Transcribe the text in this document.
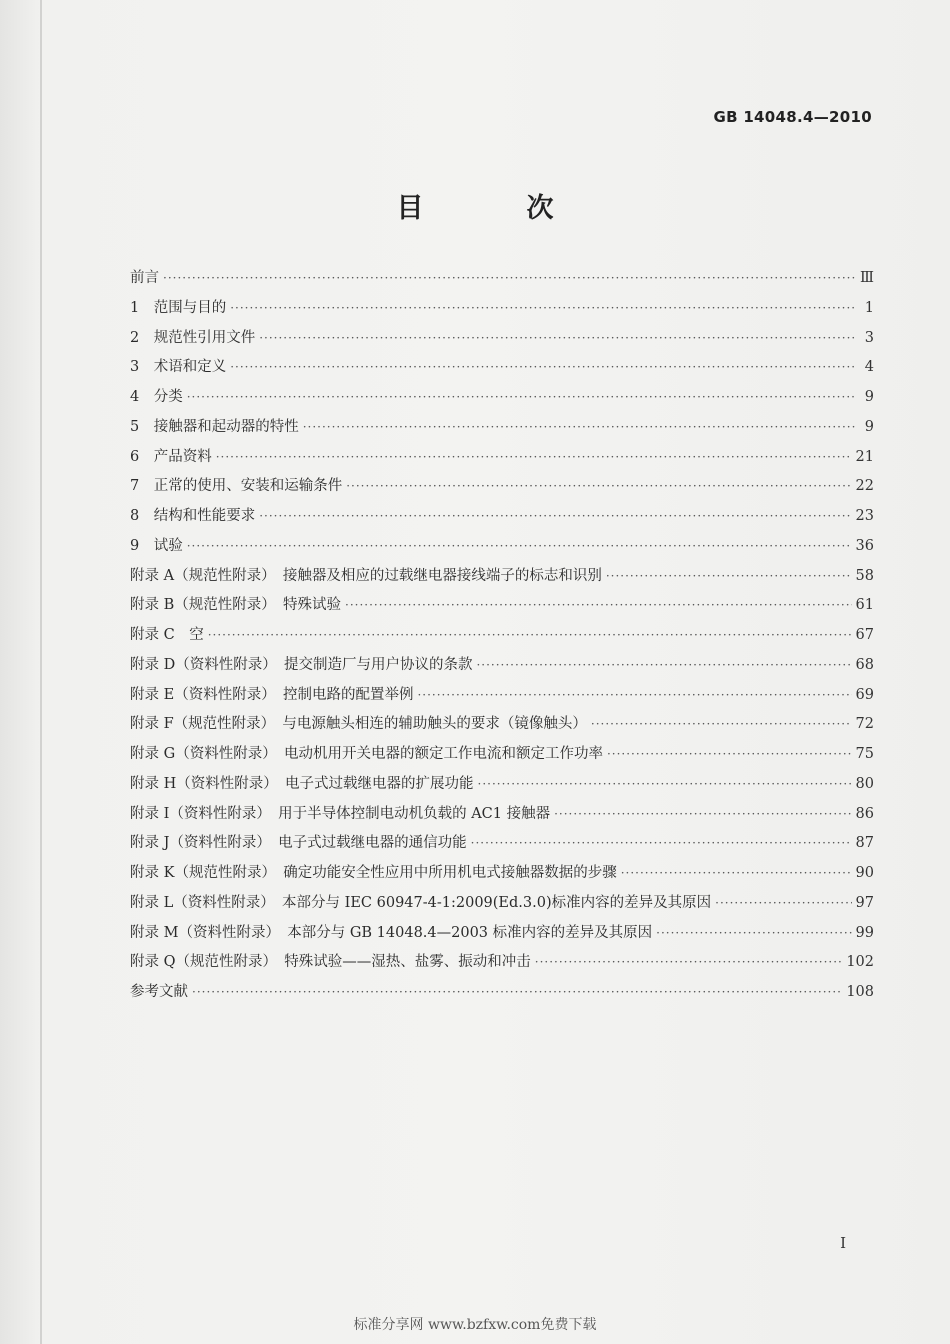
GB 14048.4—2010
目　次
前言 ·····	Ⅲ
1　范围与目的 ·····	1
2　规范性引用文件 ·····	3
3　术语和定义 ·····	4
4　分类 ·····	9
5　接触器和起动器的特性 ·····	9
6　产品资料 ·····	21
7　正常的使用、安装和运输条件 ·····	22
8　结构和性能要求 ·····	23
9　试验 ·····	36
附录 A（规范性附录）　接触器及相应的过载继电器接线端子的标志和识别 ·····	58
附录 B（规范性附录）　特殊试验 ·····	61
附录 C　空 ·····	67
附录 D（资料性附录）　提交制造厂与用户协议的条款 ·····	68
附录 E（资料性附录）　控制电路的配置举例 ·····	69
附录 F（规范性附录）　与电源触头相连的辅助触头的要求（镜像触头） ·····	72
附录 G（资料性附录）　电动机用开关电器的额定工作电流和额定工作功率 ·····	75
附录 H（资料性附录）　电子式过载继电器的扩展功能 ·····	80
附录 I（资料性附录）　用于半导体控制电动机负载的 AC1 接触器 ·····	86
附录 J（资料性附录）　电子式过载继电器的通信功能 ·····	87
附录 K（规范性附录）　确定功能安全性应用中所用机电式接触器数据的步骤 ·····	90
附录 L（资料性附录）　本部分与 IEC 60947-4-1:2009(Ed.3.0)标准内容的差异及其原因 ·····	97
附录 M（资料性附录）　本部分与 GB 14048.4—2003 标准内容的差异及其原因 ·····	99
附录 Q（规范性附录）　特殊试验——湿热、盐雾、振动和冲击 ·····	102
参考文献 ·····	108
I
标准分享网 www.bzfxw.com免费下载
